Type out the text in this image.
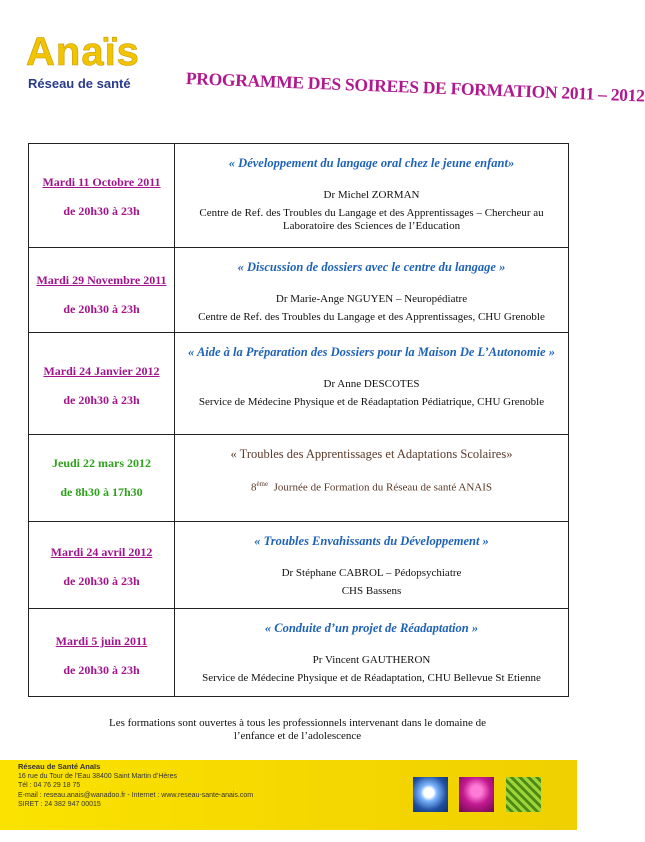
Anaïs
Réseau de santé	PROGRAMME DES SOIREES DE FORMATION 2011 – 2012
Mardi 11 Octobre 2011
de 20h30 à 23h	« Développement du langage oral chez le jeune enfant»
Dr Michel ZORMAN
Centre de Ref. des Troubles du Langage et des Apprentissages – Chercheur au Laboratoire des Sciences de l’Education

Mardi 29 Novembre 2011
de 20h30 à 23h	« Discussion de dossiers avec le centre du langage »
Dr Marie-Ange NGUYEN – Neuropédiatre
Centre de Ref. des Troubles du Langage et des Apprentissages, CHU Grenoble

Mardi 24 Janvier 2012
de 20h30 à 23h	« Aide à la Préparation des Dossiers pour la Maison De L’Autonomie »
Dr Anne DESCOTES
Service de Médecine Physique et de Réadaptation Pédiatrique, CHU Grenoble

Jeudi 22 mars 2012
de 8h30 à 17h30	« Troubles des Apprentissages et Adaptations Scolaires»
8ème Journée de Formation du Réseau de santé ANAIS

Mardi 24 avril 2012
de 20h30 à 23h	« Troubles Envahissants du Développement »
Dr Stéphane CABROL – Pédopsychiatre
CHS Bassens

Mardi 5 juin 2011
de 20h30 à 23h	« Conduite d’un projet de Réadaptation »
Pr Vincent GAUTHERON
Service de Médecine Physique et de Réadaptation, CHU Bellevue St Etienne
Les formations sont ouvertes à tous les professionnels intervenant dans le domaine de
l’enfance et de l’adolescence
Réseau de Santé Anaïs
16 rue du Tour de l’Eau 38400 Saint Martin d’Hères
Tél : 04 76 29 18 75
E-mail : reseau.anais@wanadoo.fr - Internet : www.reseau-sante-anais.com
SIRET : 24 382 947 00015
